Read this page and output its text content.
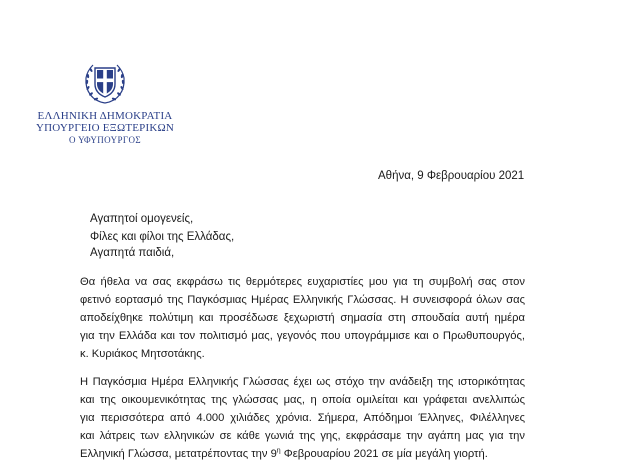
ΕΛΛΗΝΙΚΗ ΔΗΜΟΚΡΑΤΙΑ
ΥΠΟΥΡΓΕΙΟ ΕΞΩΤΕΡΙΚΩΝ
Ο ΥΦΥΠΟΥΡΓΟΣ
Αθήνα, 9 Φεβρουαρίου 2021
Αγαπητοί ομογενείς,
Φίλες και φίλοι της Ελλάδας,
Αγαπητά παιδιά,

Θα ήθελα να σας εκφράσω τις θερμότερες ευχαριστίες μου για τη συμβολή σας στον
φετινό εορτασμό της Παγκόσμιας Ημέρας Ελληνικής Γλώσσας. Η συνεισφορά όλων σας
αποδείχθηκε πολύτιμη και προσέδωσε ξεχωριστή σημασία στη σπουδαία αυτή ημέρα
για την Ελλάδα και τον πολιτισμό μας, γεγονός που υπογράμμισε και ο Πρωθυπουργός,
κ. Κυριάκος Μητσοτάκης.

Η Παγκόσμια Ημέρα Ελληνικής Γλώσσας έχει ως στόχο την ανάδειξη της ιστορικότητας
και της οικουμενικότητας της γλώσσας μας, η οποία ομιλείται και γράφεται ανελλιπώς
για περισσότερα από 4.000 χιλιάδες χρόνια. Σήμερα, Απόδημοι Έλληνες, Φιλέλληνες
και λάτρεις των ελληνικών σε κάθε γωνιά της γης, εκφράσαμε την αγάπη μας για την
Ελληνική Γλώσσα, μετατρέποντας την $9^\eta$ Φεβρουαρίου 2021 σε μία μεγάλη γιορτή.
